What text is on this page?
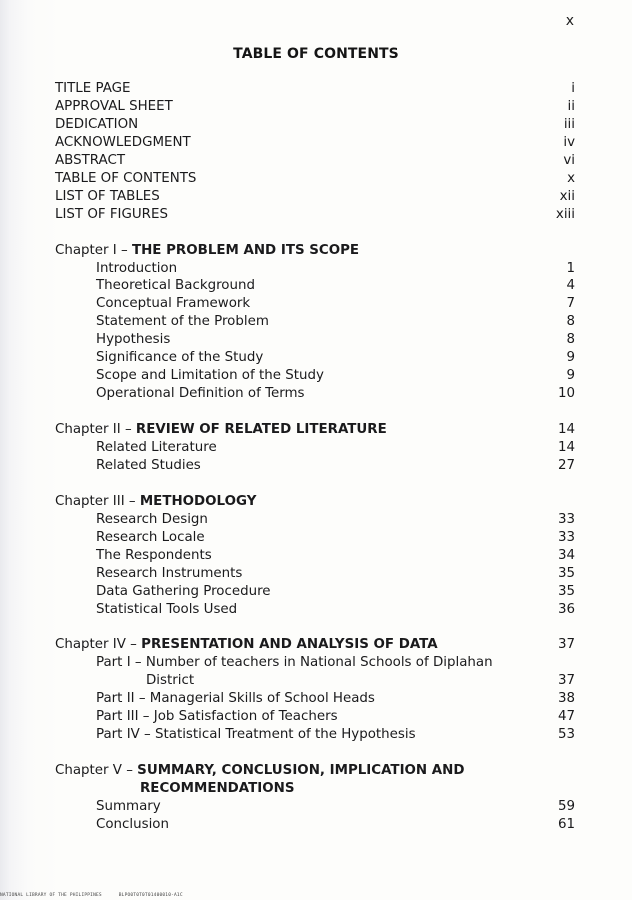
x
TABLE OF CONTENTS
TITLE PAGE	i
APPROVAL SHEET	ii
DEDICATION	iii
ACKNOWLEDGMENT	iv
ABSTRACT	vi
TABLE OF CONTENTS	x
LIST OF TABLES	xii
LIST OF FIGURES	xiii
Chapter I – THE PROBLEM AND ITS SCOPE
Introduction	1
Theoretical Background	4
Conceptual Framework	7
Statement of the Problem	8
Hypothesis	8
Significance of the Study	9
Scope and Limitation of the Study	9
Operational Definition of Terms	10
Chapter II – REVIEW OF RELATED LITERATURE	14
Related Literature	14
Related Studies	27
Chapter III – METHODOLOGY
Research Design	33
Research Locale	33
The Respondents	34
Research Instruments	35
Data Gathering Procedure	35
Statistical Tools Used	36
Chapter IV – PRESENTATION AND ANALYSIS OF DATA	37
Part I – Number of teachers in National Schools of Diplahan
District	37
Part II – Managerial Skills of School Heads	38
Part III – Job Satisfaction of Teachers	47
Part IV – Statistical Treatment of the Hypothesis	53
Chapter V – SUMMARY, CONCLUSION, IMPLICATION AND
RECOMMENDATIONS
Summary	59
Conclusion	61
NATIONAL LIBRARY OF THE PHILIPPINES	BLPO0T0T0T01400010-A1C
